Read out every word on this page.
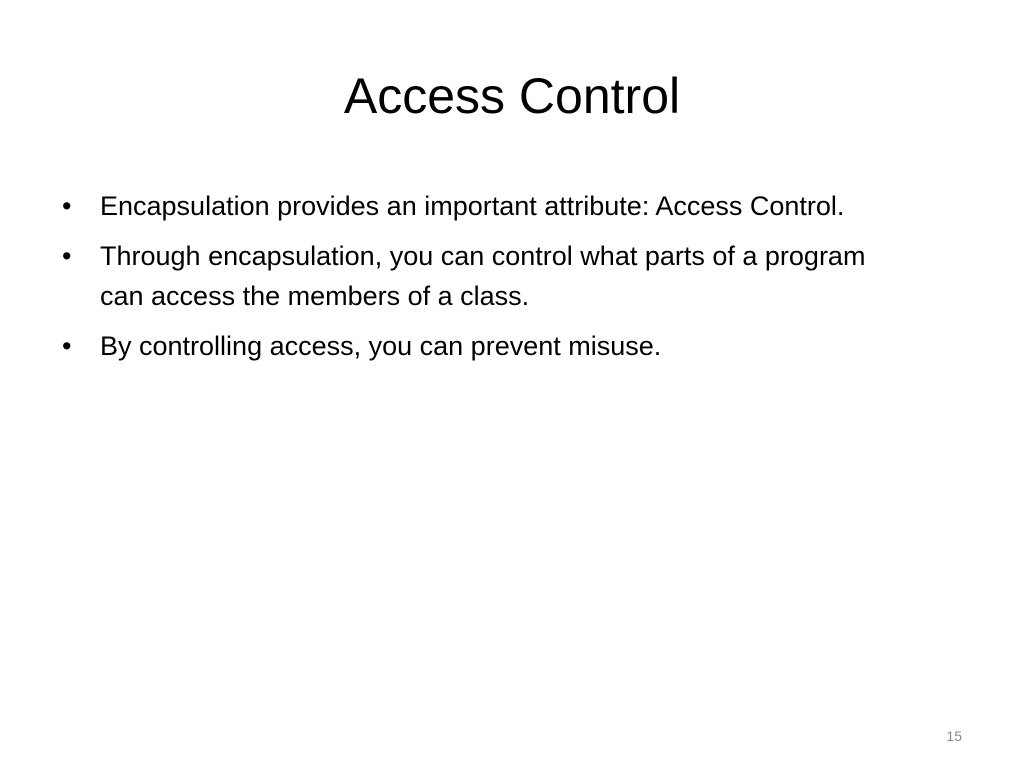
Access Control
•	Encapsulation provides an important attribute: Access Control.
•	Through encapsulation, you can control what parts of a program can access the members of a class.
•	By controlling access, you can prevent misuse.
15
